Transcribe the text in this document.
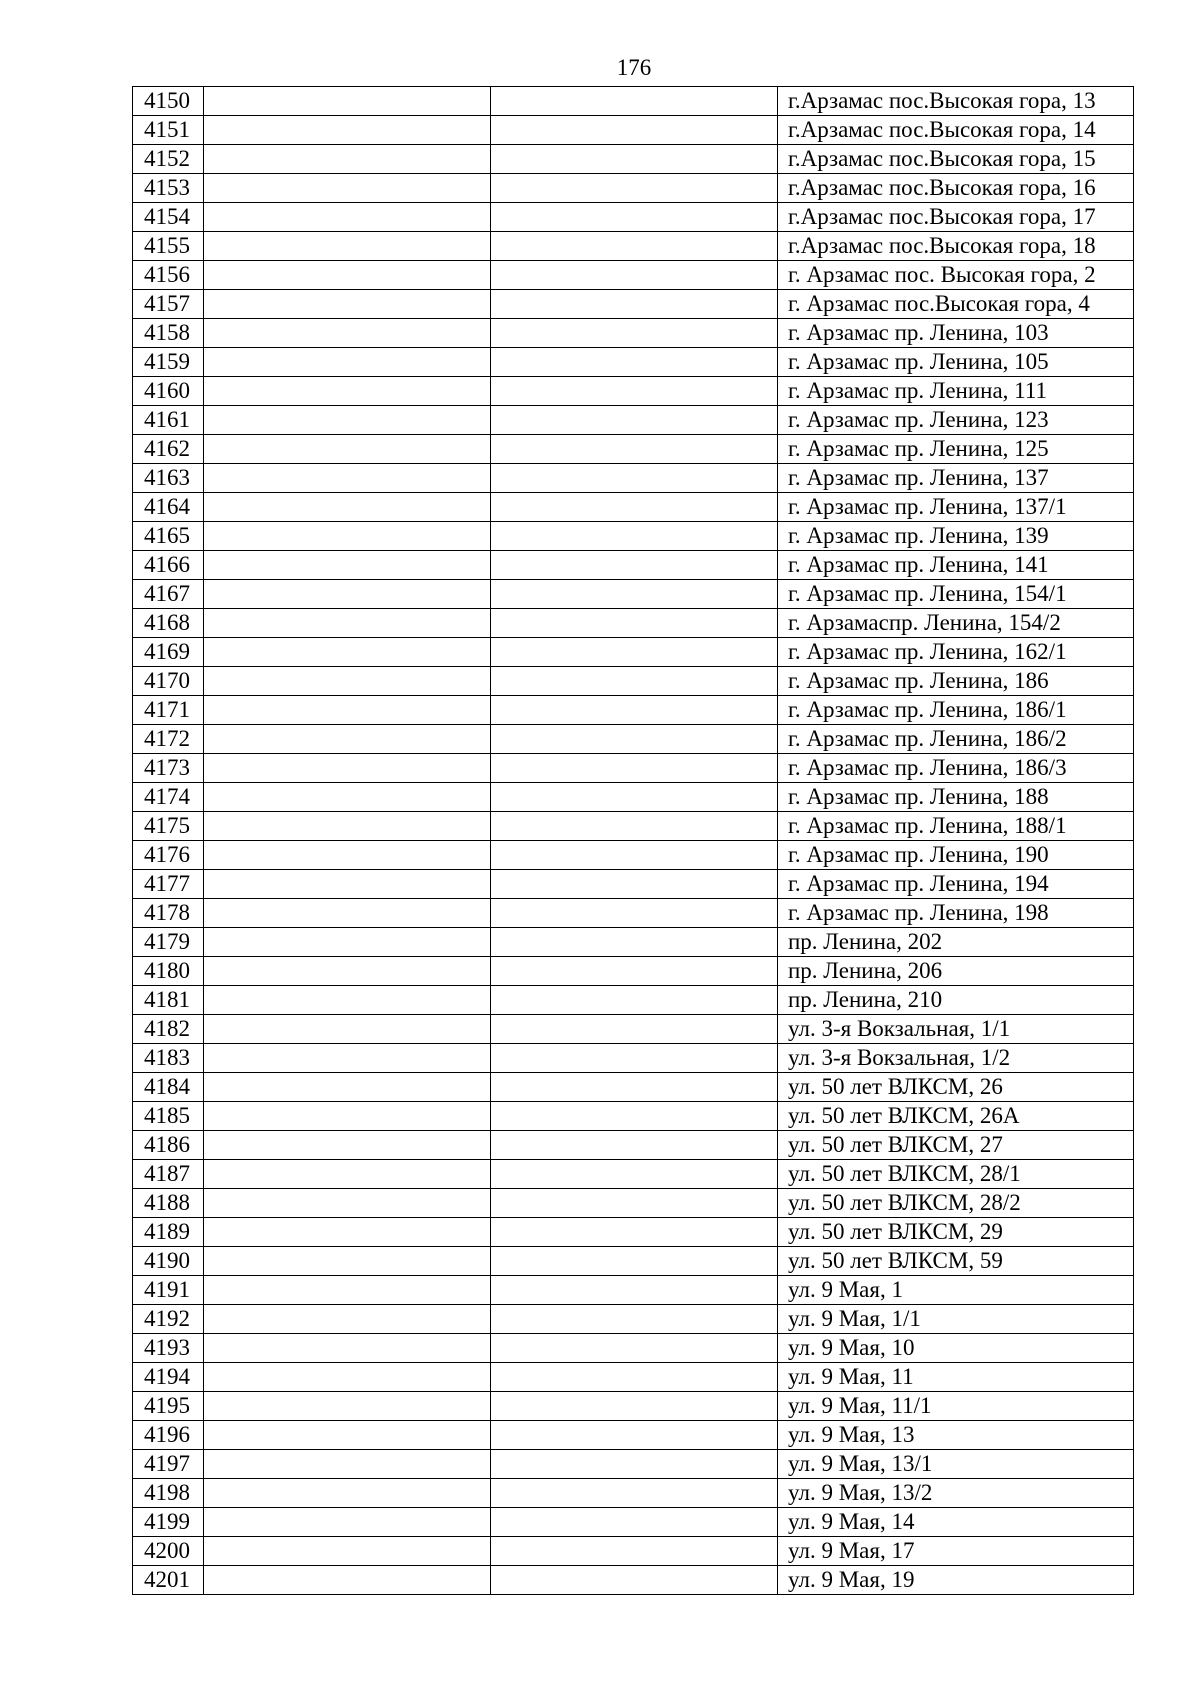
176
4150			г.Арзамас пос.Высокая гора, 13
4151			г.Арзамас пос.Высокая гора, 14
4152			г.Арзамас пос.Высокая гора, 15
4153			г.Арзамас пос.Высокая гора, 16
4154			г.Арзамас пос.Высокая гора, 17
4155			г.Арзамас пос.Высокая гора, 18
4156			г. Арзамас пос. Высокая гора, 2
4157			г. Арзамас пос.Высокая гора, 4
4158			г. Арзамас пр. Ленина, 103
4159			г. Арзамас пр. Ленина, 105
4160			г. Арзамас пр. Ленина, 111
4161			г. Арзамас пр. Ленина, 123
4162			г. Арзамас пр. Ленина, 125
4163			г. Арзамас пр. Ленина, 137
4164			г. Арзамас пр. Ленина, 137/1
4165			г. Арзамас пр. Ленина, 139
4166			г. Арзамас пр. Ленина, 141
4167			г. Арзамас пр. Ленина, 154/1
4168			г. Арзамаспр. Ленина, 154/2
4169			г. Арзамас пр. Ленина, 162/1
4170			г. Арзамас пр. Ленина, 186
4171			г. Арзамас пр. Ленина, 186/1
4172			г. Арзамас пр. Ленина, 186/2
4173			г. Арзамас пр. Ленина, 186/3
4174			г. Арзамас пр. Ленина, 188
4175			г. Арзамас пр. Ленина, 188/1
4176			г. Арзамас пр. Ленина, 190
4177			г. Арзамас пр. Ленина, 194
4178			г. Арзамас пр. Ленина, 198
4179			пр. Ленина, 202
4180			пр. Ленина, 206
4181			пр. Ленина, 210
4182			ул. 3-я Вокзальная, 1/1
4183			ул. 3-я Вокзальная, 1/2
4184			ул. 50 лет ВЛКСМ, 26
4185			ул. 50 лет ВЛКСМ, 26А
4186			ул. 50 лет ВЛКСМ, 27
4187			ул. 50 лет ВЛКСМ, 28/1
4188			ул. 50 лет ВЛКСМ, 28/2
4189			ул. 50 лет ВЛКСМ, 29
4190			ул. 50 лет ВЛКСМ, 59
4191			ул. 9 Мая, 1
4192			ул. 9 Мая, 1/1
4193			ул. 9 Мая, 10
4194			ул. 9 Мая, 11
4195			ул. 9 Мая, 11/1
4196			ул. 9 Мая, 13
4197			ул. 9 Мая, 13/1
4198			ул. 9 Мая, 13/2
4199			ул. 9 Мая, 14
4200			ул. 9 Мая, 17
4201			ул. 9 Мая, 19
